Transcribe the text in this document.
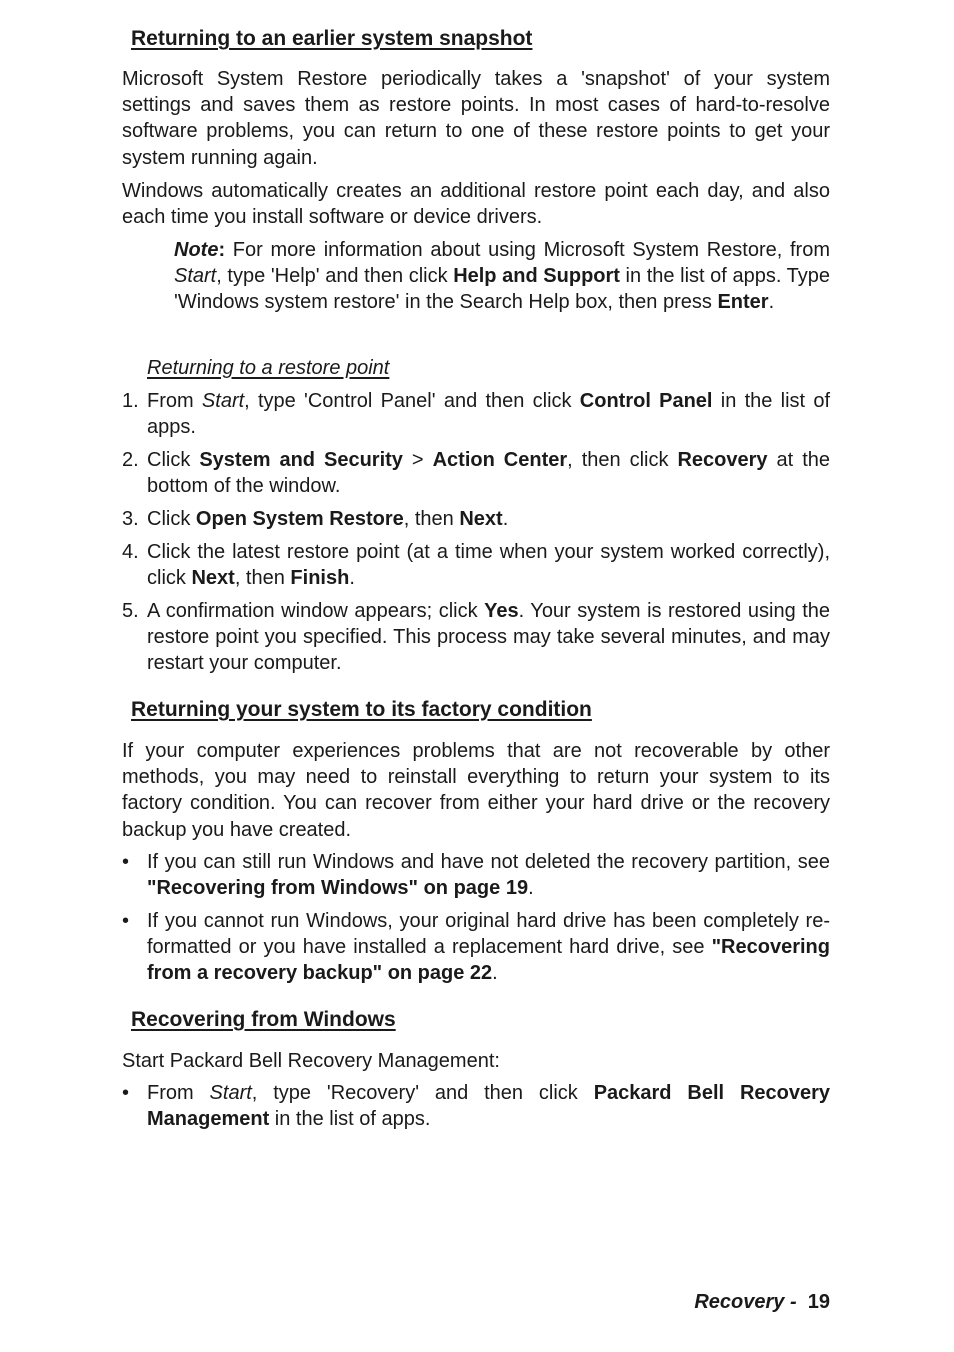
Returning to an earlier system snapshot
Microsoft System Restore periodically takes a 'snapshot' of your system settings and saves them as restore points. In most cases of hard-to-resolve software problems, you can return to one of these restore points to get your system running again.
Windows automatically creates an additional restore point each day, and also each time you install software or device drivers.
Note: For more information about using Microsoft System Restore, from Start, type 'Help' and then click Help and Support in the list of apps. Type 'Windows system restore' in the Search Help box, then press Enter.
Returning to a restore point
1. From Start, type 'Control Panel' and then click Control Panel in the list of apps.
2. Click System and Security > Action Center, then click Recovery at the bottom of the window.
3. Click Open System Restore, then Next.
4. Click the latest restore point (at a time when your system worked correctly), click Next, then Finish.
5. A confirmation window appears; click Yes. Your system is restored using the restore point you specified. This process may take several minutes, and may restart your computer.
Returning your system to its factory condition
If your computer experiences problems that are not recoverable by other methods, you may need to reinstall everything to return your system to its factory condition. You can recover from either your hard drive or the recovery backup you have created.
• If you can still run Windows and have not deleted the recovery partition, see "Recovering from Windows" on page 19.
• If you cannot run Windows, your original hard drive has been completely re-formatted or you have installed a replacement hard drive, see "Recovering from a recovery backup" on page 22.
Recovering from Windows
Start Packard Bell Recovery Management:
• From Start, type 'Recovery' and then click Packard Bell Recovery Management in the list of apps.
Recovery - 19
